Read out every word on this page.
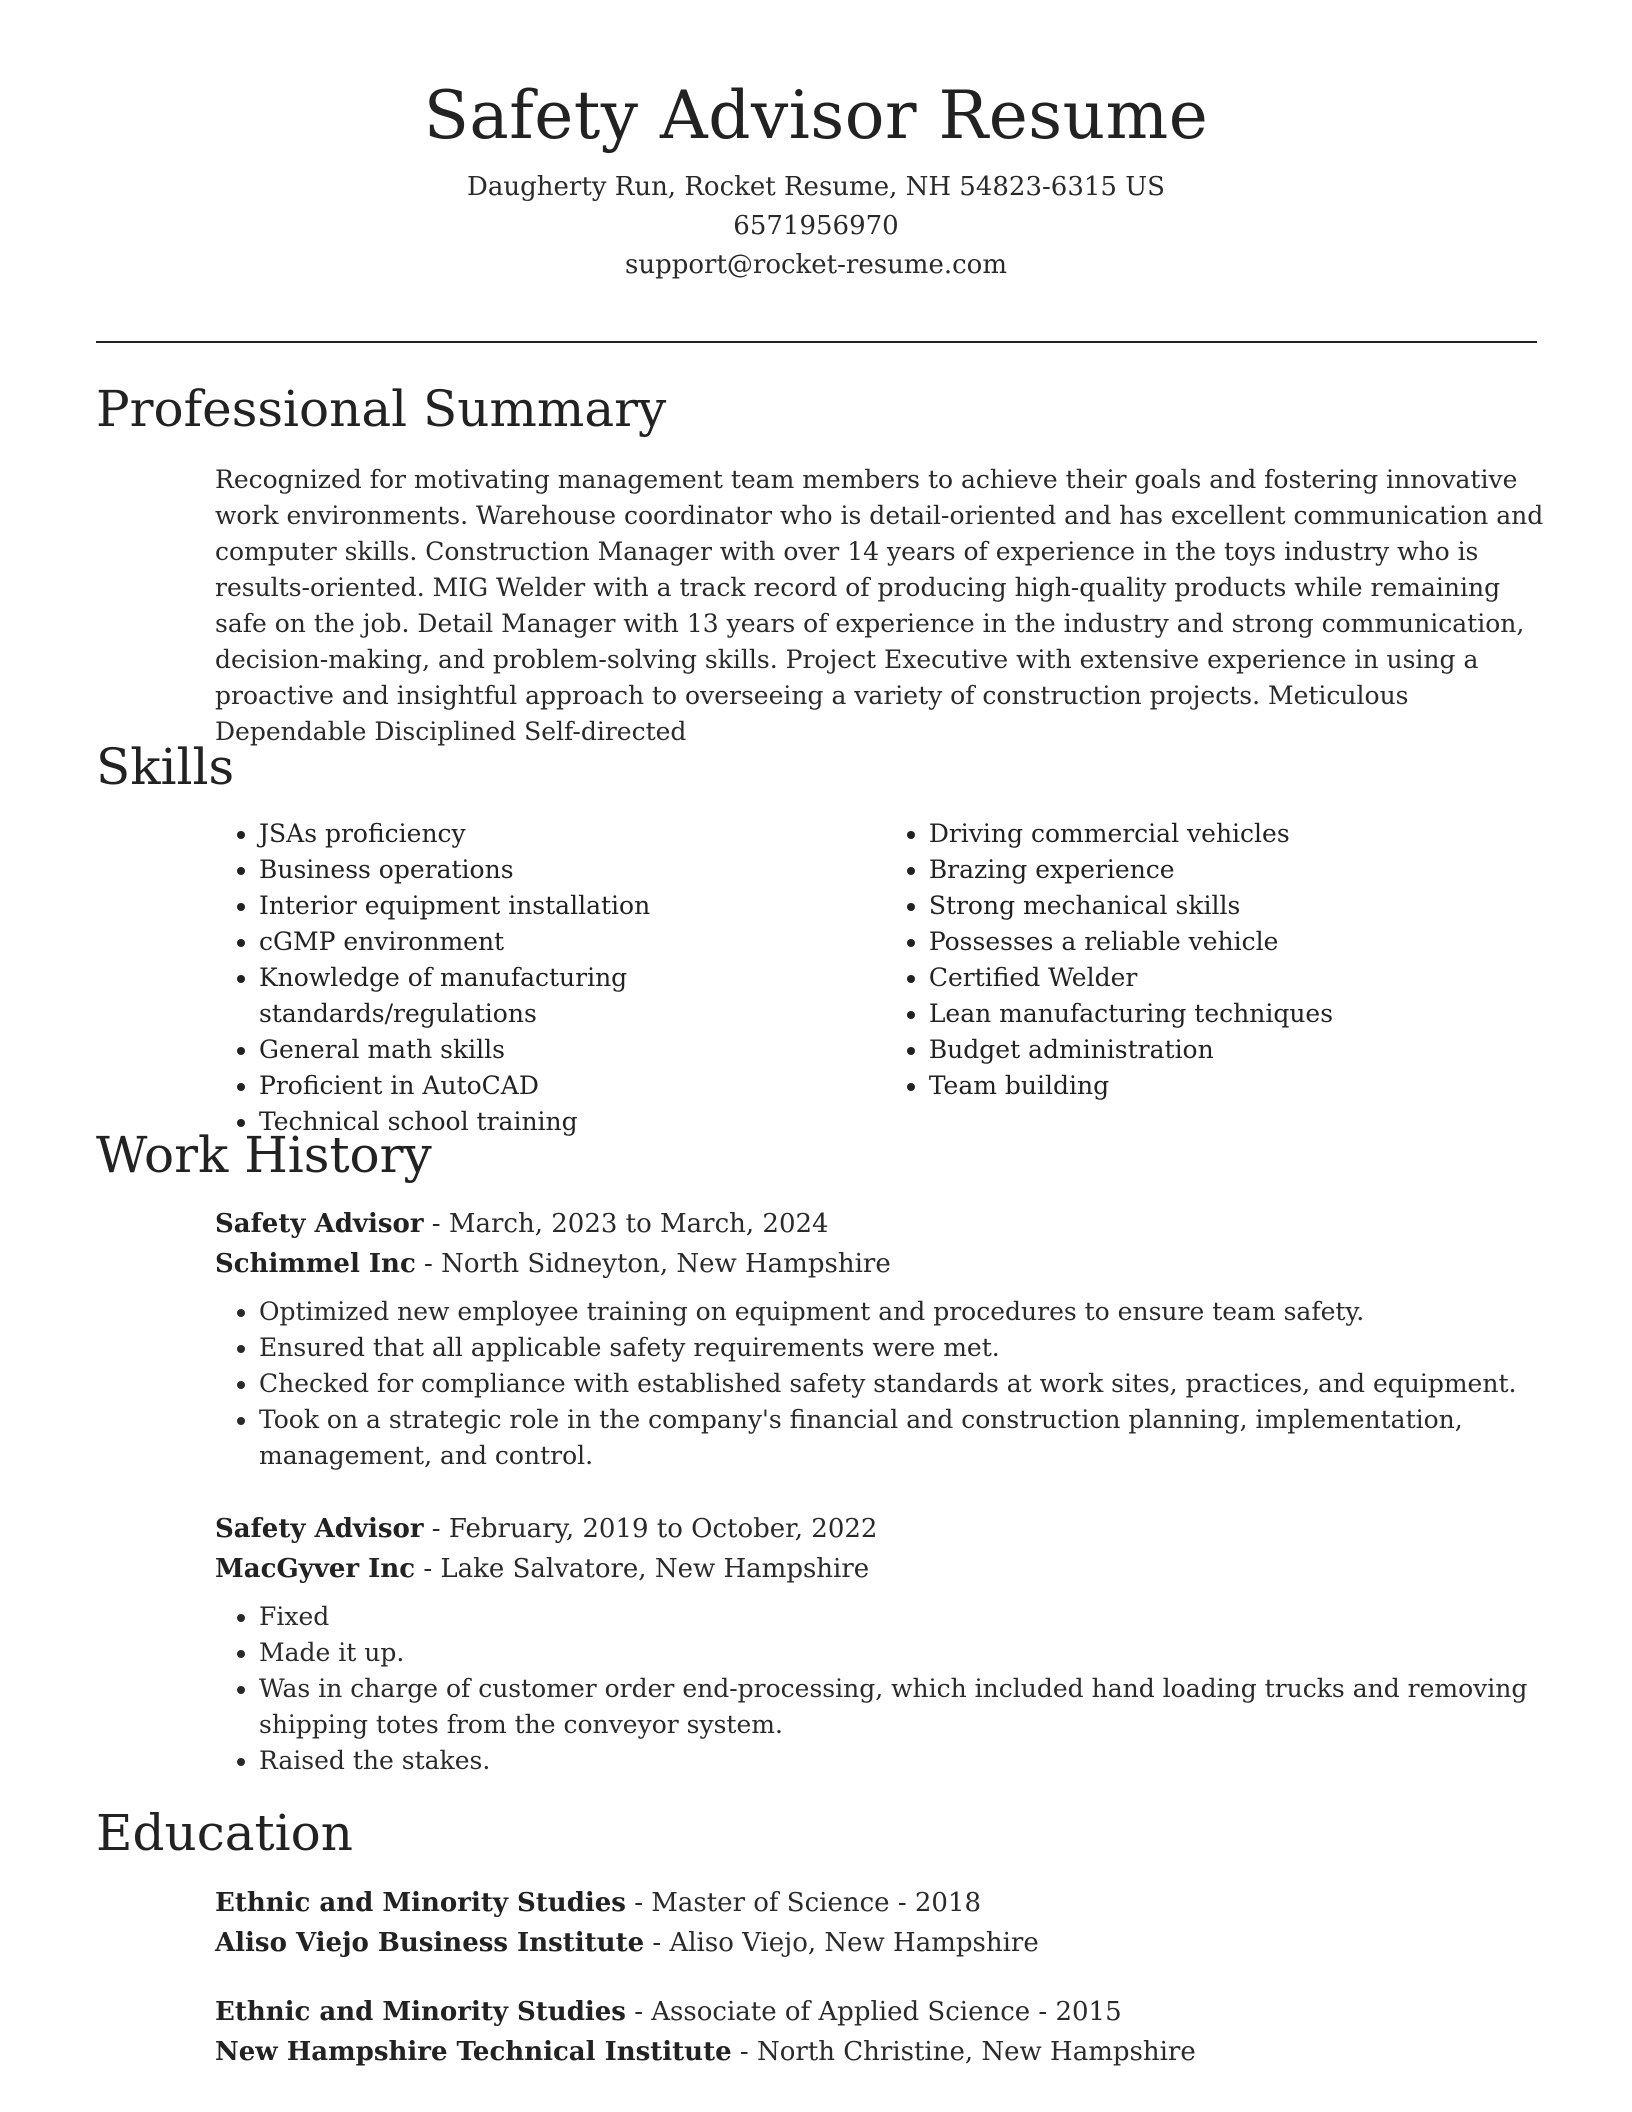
Safety Advisor Resume
Daugherty Run, Rocket Resume, NH 54823-6315 US
6571956970
support@rocket-resume.com
Professional Summary

Recognized for motivating management team members to achieve their goals and fostering innovative work environments. Warehouse coordinator who is detail-oriented and has excellent communication and computer skills. Construction Manager with over 14 years of experience in the toys industry who is results-oriented. MIG Welder with a track record of producing high-quality products while remaining safe on the job. Detail Manager with 13 years of experience in the industry and strong communication, decision-making, and problem-solving skills. Project Executive with extensive experience in using a proactive and insightful approach to overseeing a variety of construction projects. Meticulous Dependable Disciplined Self-directed

Skills
• JSAs proficiency
• Business operations
• Interior equipment installation
• cGMP environment
• Knowledge of manufacturing standards/regulations
• General math skills
• Proficient in AutoCAD
• Technical school training
• Driving commercial vehicles
• Brazing experience
• Strong mechanical skills
• Possesses a reliable vehicle
• Certified Welder
• Lean manufacturing techniques
• Budget administration
• Team building
Work History
Safety Advisor - March, 2023 to March, 2024
Schimmel Inc - North Sidneyton, New Hampshire
• Optimized new employee training on equipment and procedures to ensure team safety.
• Ensured that all applicable safety requirements were met.
• Checked for compliance with established safety standards at work sites, practices, and equipment.
• Took on a strategic role in the company's financial and construction planning, implementation, management, and control.
Safety Advisor - February, 2019 to October, 2022
MacGyver Inc - Lake Salvatore, New Hampshire
• Fixed
• Made it up.
• Was in charge of customer order end-processing, which included hand loading trucks and removing shipping totes from the conveyor system.
• Raised the stakes.
Education
Ethnic and Minority Studies - Master of Science - 2018
Aliso Viejo Business Institute - Aliso Viejo, New Hampshire
Ethnic and Minority Studies - Associate of Applied Science - 2015
New Hampshire Technical Institute - North Christine, New Hampshire
